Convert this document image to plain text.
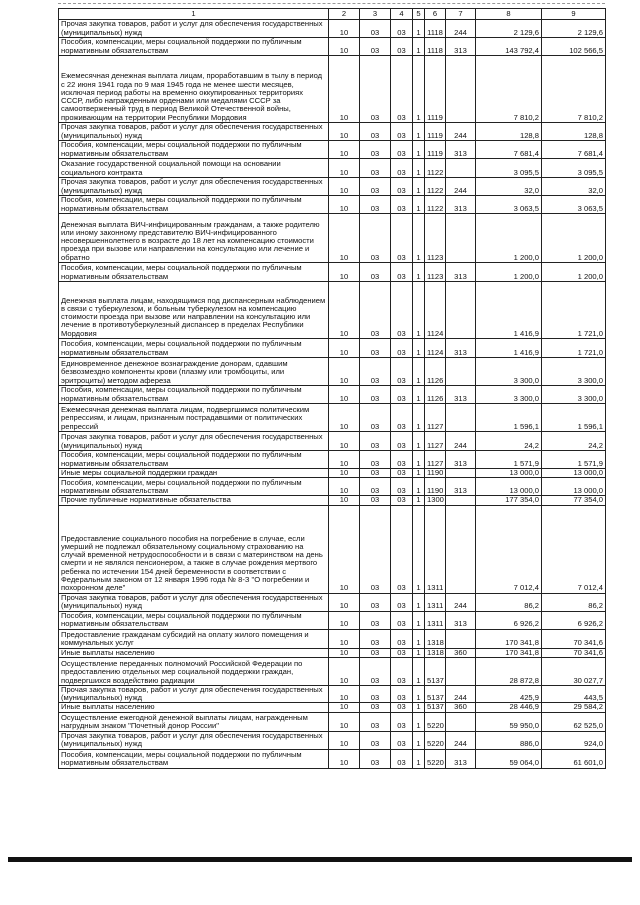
1	2	3	4	5	6	7	8	9
Прочая закупка товаров, работ и услуг для обеспечения государственных (муниципальных) нужд	10	03	03	1	1118	244	2 129,6	2 129,6
Пособия, компенсации, меры социальной поддержки по публичным нормативным обязательствам	10	03	03	1	1118	313	143 792,4	102 566,5
Ежемесячная денежная выплата лицам, проработавшим в тылу в период с 22 июня 1941 года по 9 мая 1945 года не менее шести месяцев, исключая период работы на временно оккупированных территориях СССР, либо награжденным орденами или медалями СССР за самоотверженный труд в период Великой Отечественной войны, проживающим на территории Республики Мордовия	10	03	03	1	1119		7 810,2	7 810,2
Прочая закупка товаров, работ и услуг для обеспечения государственных (муниципальных) нужд	10	03	03	1	1119	244	128,8	128,8
Пособия, компенсации, меры социальной поддержки по публичным нормативным обязательствам	10	03	03	1	1119	313	7 681,4	7 681,4
Оказание государственной социальной помощи на основании социального контракта	10	03	03	1	1122		3 095,5	3 095,5
Прочая закупка товаров, работ и услуг для обеспечения государственных (муниципальных) нужд	10	03	03	1	1122	244	32,0	32,0
Пособия, компенсации, меры социальной поддержки по публичным нормативным обязательствам	10	03	03	1	1122	313	3 063,5	3 063,5
Денежная выплата ВИЧ-инфицированным гражданам, а также родителю или иному законному представителю ВИЧ-инфицированного несовершеннолетнего в возрасте до 18 лет на компенсацию стоимости проезда при вызове или направлении на консультацию или лечение и обратно	10	03	03	1	1123		1 200,0	1 200,0
Пособия, компенсации, меры социальной поддержки по публичным нормативным обязательствам	10	03	03	1	1123	313	1 200,0	1 200,0
Денежная выплата лицам, находящимся под диспансерным наблюдением в связи с туберкулезом, и больным туберкулезом на компенсацию стоимости проезда при вызове или направлении на консультацию или лечение в противотуберкулезный диспансер в пределах Республики Мордовия	10	03	03	1	1124		1 416,9	1 721,0
Пособия, компенсации, меры социальной поддержки по публичным нормативным обязательствам	10	03	03	1	1124	313	1 416,9	1 721,0
Единовременное денежное вознаграждение донорам, сдавшим безвозмездно компоненты крови (плазму или тромбоциты, или эритроциты) методом афереза	10	03	03	1	1126		3 300,0	3 300,0
Пособия, компенсации, меры социальной поддержки по публичным нормативным обязательствам	10	03	03	1	1126	313	3 300,0	3 300,0
Ежемесячная денежная выплата лицам, подвергшимся политическим репрессиям, и лицам, признанным пострадавшими от политических репрессий	10	03	03	1	1127		1 596,1	1 596,1
Прочая закупка товаров, работ и услуг для обеспечения государственных (муниципальных) нужд	10	03	03	1	1127	244	24,2	24,2
Пособия, компенсации, меры социальной поддержки по публичным нормативным обязательствам	10	03	03	1	1127	313	1 571,9	1 571,9
Иные меры социальной поддержки граждан	10	03	03	1	1190		13 000,0	13 000,0
Пособия, компенсации, меры социальной поддержки по публичным нормативным обязательствам	10	03	03	1	1190	313	13 000,0	13 000,0
Прочие публичные нормативные обязательства	10	03	03	1	1300		177 354,0	77 354,0
Предоставление социального пособия на погребение в случае, если умерший не подлежал обязательному социальному страхованию на случай временной нетрудоспособности и в связи с материнством на день смерти и не являлся пенсионером, а также в случае рождения мертвого ребенка по истечении 154 дней беременности в соответствии с Федеральным законом от 12 января 1996 года № 8-З "О погребении и похоронном деле"	10	03	03	1	1311		7 012,4	7 012,4
Прочая закупка товаров, работ и услуг для обеспечения государственных (муниципальных) нужд	10	03	03	1	1311	244	86,2	86,2
Пособия, компенсации, меры социальной поддержки по публичным нормативным обязательствам	10	03	03	1	1311	313	6 926,2	6 926,2
Предоставление гражданам субсидий на оплату жилого помещения и коммунальных услуг	10	03	03	1	1318		170 341,8	70 341,6
Иные выплаты населению	10	03	03	1	1318	360	170 341,8	70 341,6
Осуществление переданных полномочий Российской Федерации по предоставлению отдельных мер социальной поддержки граждан, подвергшихся воздействию радиации	10	03	03	1	5137		28 872,8	30 027,7
Прочая закупка товаров, работ и услуг для обеспечения государственных (муниципальных) нужд	10	03	03	1	5137	244	425,9	443,5
Иные выплаты населению	10	03	03	1	5137	360	28 446,9	29 584,2
Осуществление ежегодной денежной выплаты лицам, награжденным нагрудным знаком "Почетный донор России"	10	03	03	1	5220		59 950,0	62 525,0
Прочая закупка товаров, работ и услуг для обеспечения государственных (муниципальных) нужд	10	03	03	1	5220	244	886,0	924,0
Пособия, компенсации, меры социальной поддержки по публичным нормативным обязательствам	10	03	03	1	5220	313	59 064,0	61 601,0
